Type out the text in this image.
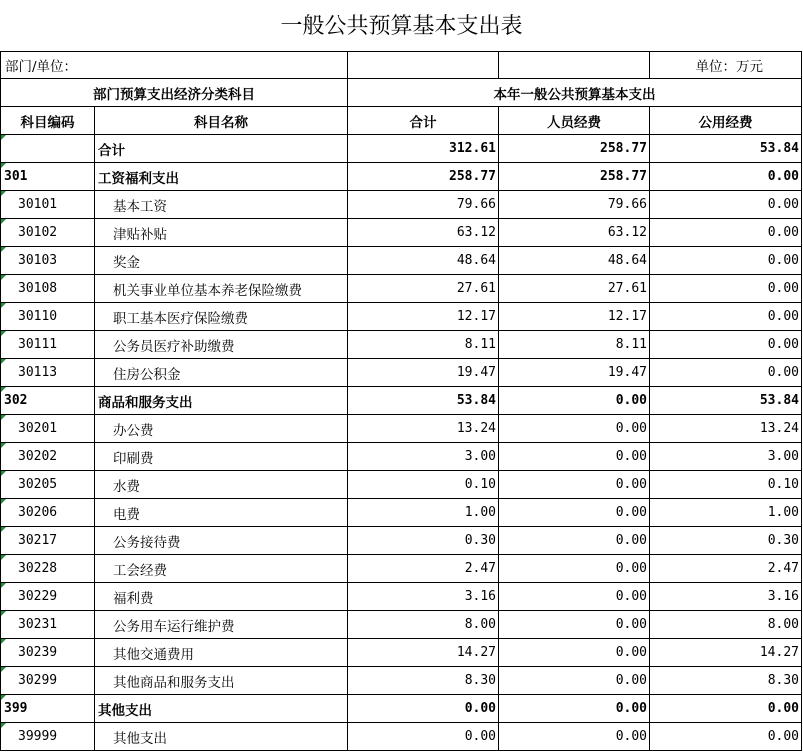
一般公共预算基本支出表
部门/单位：				单位：万元
部门预算支出经济分类科目		本年一般公共预算基本支出		
科目编码	科目名称	合计	人员经费	公用经费
	合计	312.61	258.77	53.84
301	工资福利支出	258.77	258.77	0.00
30101	基本工资	79.66	79.66	0.00
30102	津贴补贴	63.12	63.12	0.00
30103	奖金	48.64	48.64	0.00
30108	机关事业单位基本养老保险缴费	27.61	27.61	0.00
30110	职工基本医疗保险缴费	12.17	12.17	0.00
30111	公务员医疗补助缴费	8.11	8.11	0.00
30113	住房公积金	19.47	19.47	0.00
302	商品和服务支出	53.84	0.00	53.84
30201	办公费	13.24	0.00	13.24
30202	印刷费	3.00	0.00	3.00
30205	水费	0.10	0.00	0.10
30206	电费	1.00	0.00	1.00
30217	公务接待费	0.30	0.00	0.30
30228	工会经费	2.47	0.00	2.47
30229	福利费	3.16	0.00	3.16
30231	公务用车运行维护费	8.00	0.00	8.00
30239	其他交通费用	14.27	0.00	14.27
30299	其他商品和服务支出	8.30	0.00	8.30
399	其他支出	0.00	0.00	0.00
39999	其他支出	0.00	0.00	0.00
